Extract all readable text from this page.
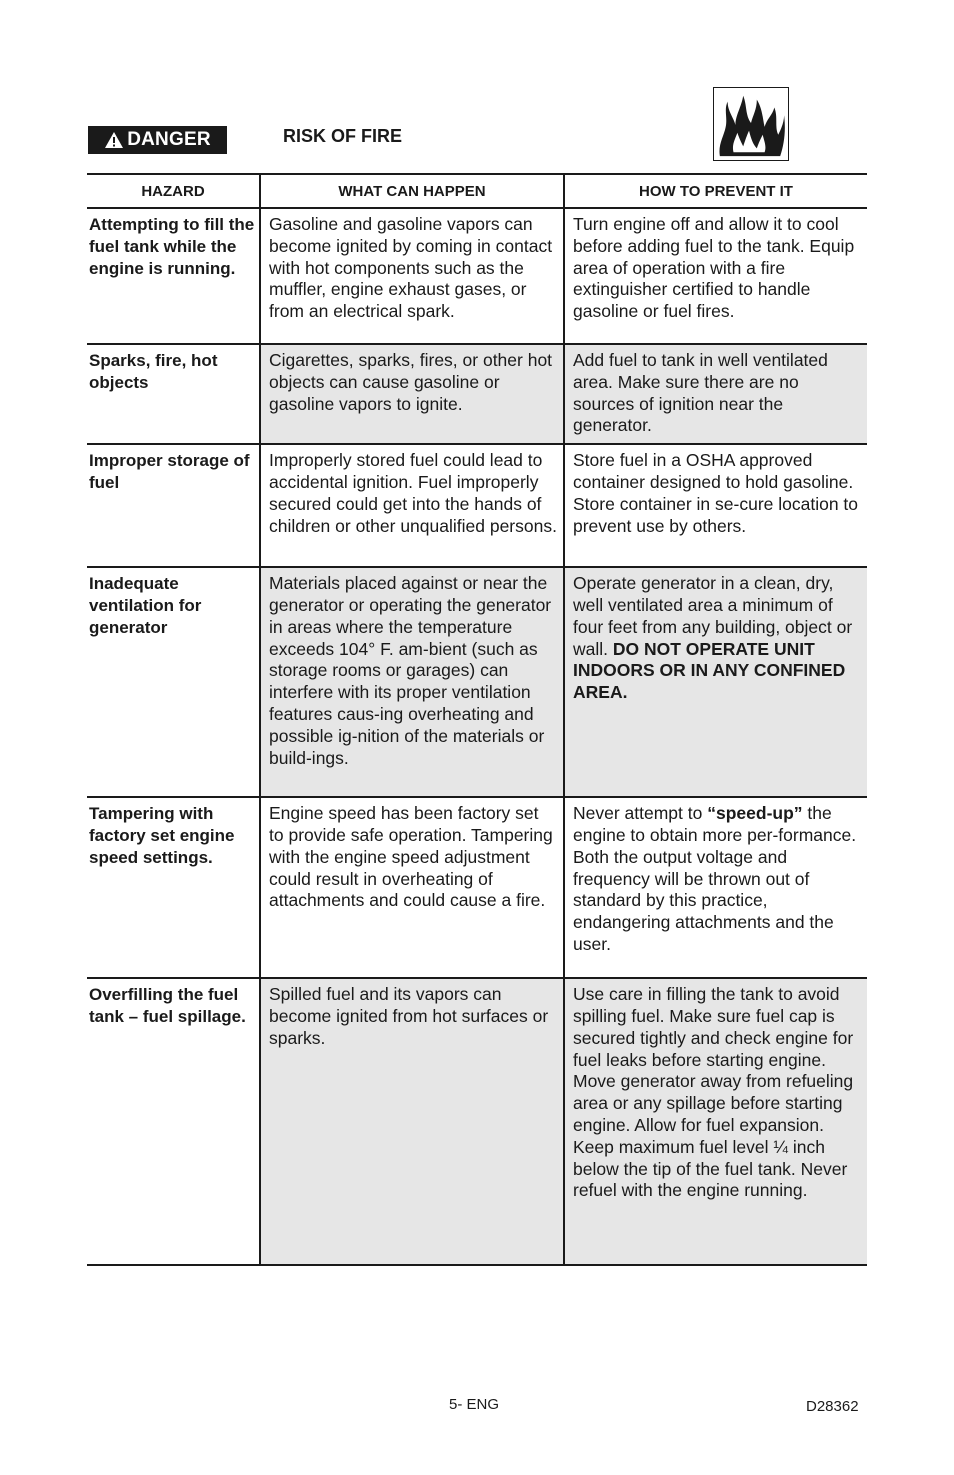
DANGER	RISK OF FIRE
HAZARD	WHAT CAN HAPPEN	HOW TO PREVENT IT
Attempting to fill the fuel tank while the engine is running.	Gasoline and gasoline vapors can become ignited by coming in contact with hot components such as the muffler, engine exhaust gases, or from an electrical spark.	Turn engine off and allow it to cool before adding fuel to the tank. Equip area of operation with a fire extinguisher certified to handle gasoline or fuel fires.
Sparks, fire, hot objects	Cigarettes, sparks, fires, or other hot objects can cause gasoline or gasoline vapors to ignite.	Add fuel to tank in well ventilated area. Make sure there are no sources of ignition near the generator.
Improper storage of fuel	Improperly stored fuel could lead to accidental ignition. Fuel improperly secured could get into the hands of children or other unqualified persons.	Store fuel in a OSHA approved container designed to hold gasoline. Store container in se-cure location to prevent use by others.
Inadequate ventilation for generator	Materials placed against or near the generator or operating the generator in areas where the temperature exceeds 104° F. am-bient (such as storage rooms or garages) can interfere with its proper ventilation features caus-ing overheating and possible ig-nition of the materials or build-ings.	Operate generator in a clean, dry, well ventilated area a minimum of four feet from any building, object or wall. DO NOT OPERATE UNIT INDOORS OR IN ANY CONFINED AREA.
Tampering with factory set engine speed settings.	Engine speed has been factory set to provide safe operation. Tampering with the engine speed adjustment could result in overheating of attachments and could cause a fire.	Never attempt to “speed-up” the engine to obtain more per-formance. Both the output voltage and frequency will be thrown out of standard by this practice, endangering attachments and the user.
Overfilling the fuel tank – fuel spillage.	Spilled fuel and its vapors can become ignited from hot surfaces or sparks.	Use care in filling the tank to avoid spilling fuel. Make sure fuel cap is secured tightly and check engine for fuel leaks before starting engine. Move generator away from refueling area or any spillage before starting engine. Allow for fuel expansion. Keep maximum fuel level ¼ inch below the tip of the fuel tank. Never refuel with the engine running.
5- ENG	D28362
